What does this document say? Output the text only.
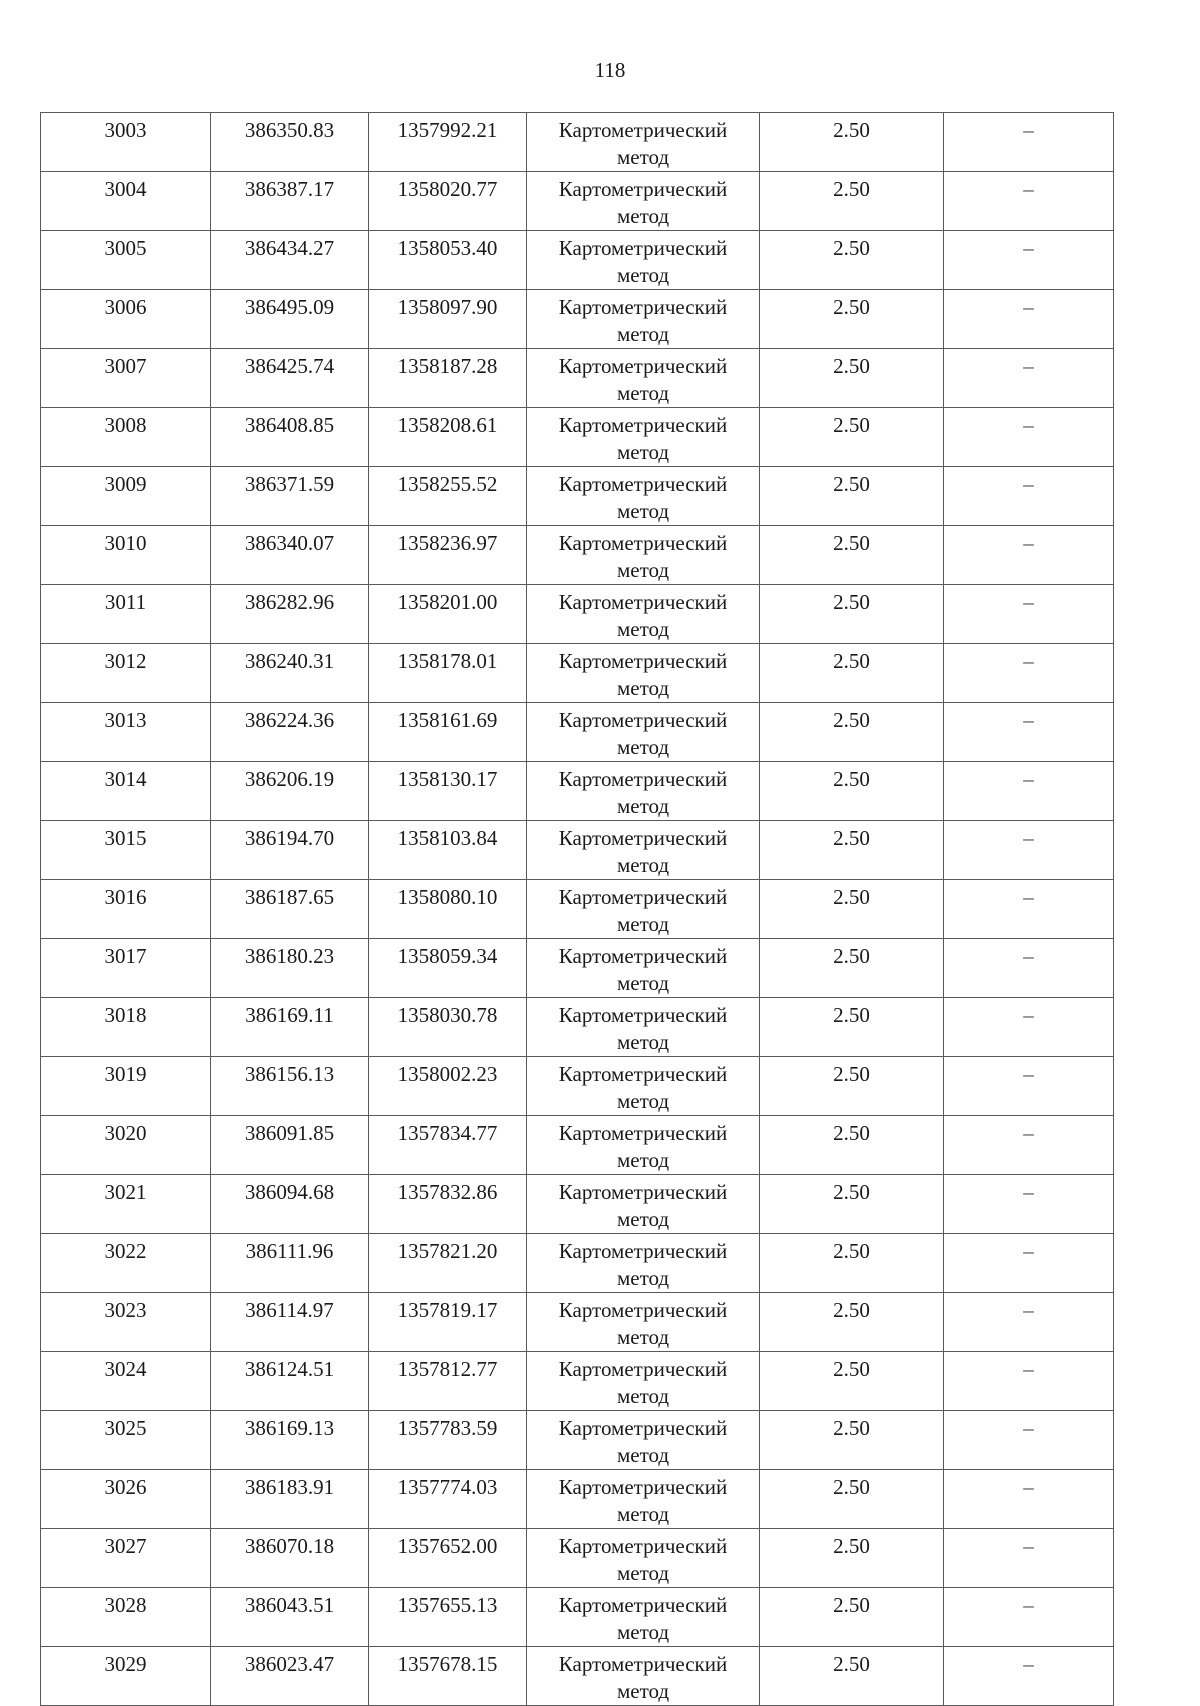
118
3003	386350.83	1357992.21	Картометрический метод	2.50	–
3004	386387.17	1358020.77	Картометрический метод	2.50	–
3005	386434.27	1358053.40	Картометрический метод	2.50	–
3006	386495.09	1358097.90	Картометрический метод	2.50	–
3007	386425.74	1358187.28	Картометрический метод	2.50	–
3008	386408.85	1358208.61	Картометрический метод	2.50	–
3009	386371.59	1358255.52	Картометрический метод	2.50	–
3010	386340.07	1358236.97	Картометрический метод	2.50	–
3011	386282.96	1358201.00	Картометрический метод	2.50	–
3012	386240.31	1358178.01	Картометрический метод	2.50	–
3013	386224.36	1358161.69	Картометрический метод	2.50	–
3014	386206.19	1358130.17	Картометрический метод	2.50	–
3015	386194.70	1358103.84	Картометрический метод	2.50	–
3016	386187.65	1358080.10	Картометрический метод	2.50	–
3017	386180.23	1358059.34	Картометрический метод	2.50	–
3018	386169.11	1358030.78	Картометрический метод	2.50	–
3019	386156.13	1358002.23	Картометрический метод	2.50	–
3020	386091.85	1357834.77	Картометрический метод	2.50	–
3021	386094.68	1357832.86	Картометрический метод	2.50	–
3022	386111.96	1357821.20	Картометрический метод	2.50	–
3023	386114.97	1357819.17	Картометрический метод	2.50	–
3024	386124.51	1357812.77	Картометрический метод	2.50	–
3025	386169.13	1357783.59	Картометрический метод	2.50	–
3026	386183.91	1357774.03	Картометрический метод	2.50	–
3027	386070.18	1357652.00	Картометрический метод	2.50	–
3028	386043.51	1357655.13	Картометрический метод	2.50	–
3029	386023.47	1357678.15	Картометрический метод	2.50	–
